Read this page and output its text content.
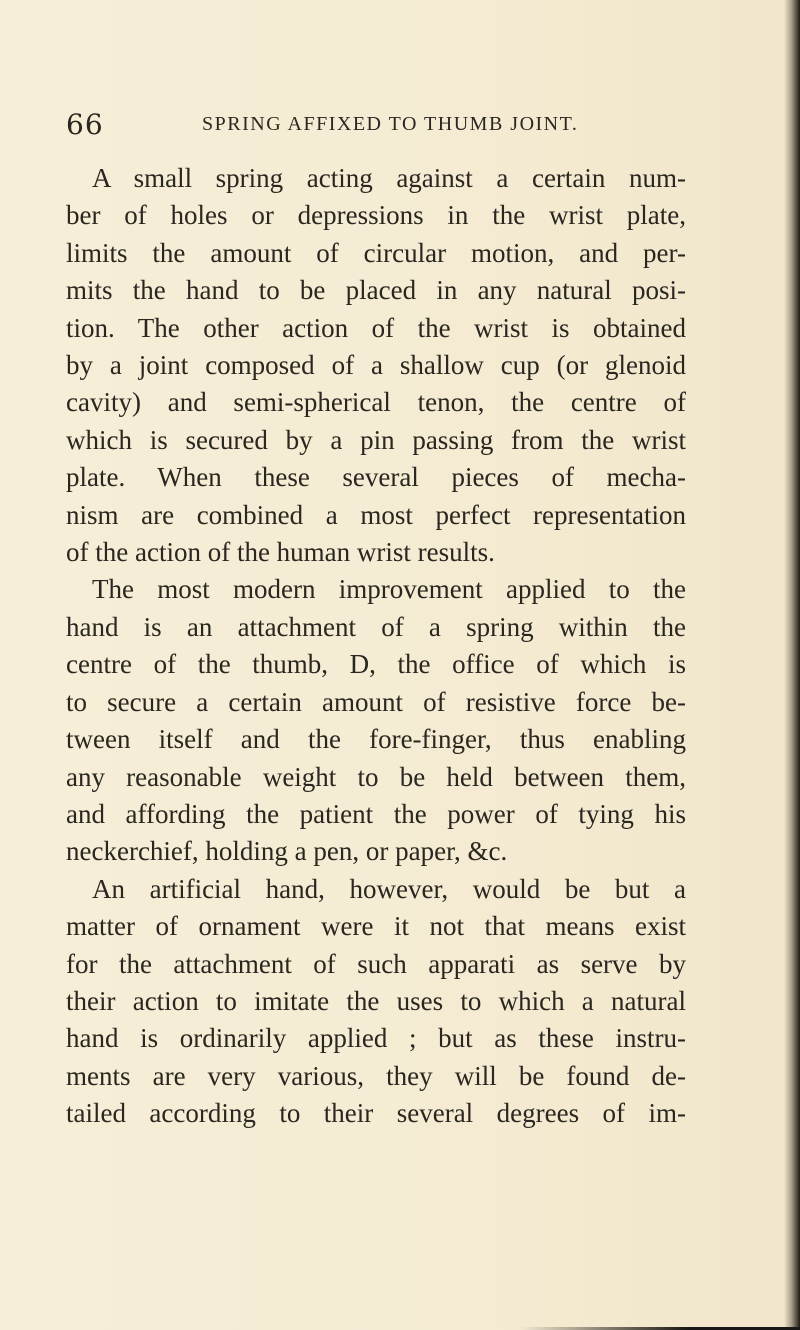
66	SPRING AFFIXED TO THUMB JOINT.

A small spring acting against a certain num-
ber of holes or depressions in the wrist plate,
limits the amount of circular motion, and per-
mits the hand to be placed in any natural posi-
tion. The other action of the wrist is obtained
by a joint composed of a shallow cup (or glenoid
cavity) and semi-spherical tenon, the centre of
which is secured by a pin passing from the wrist
plate. When these several pieces of mecha-
nism are combined a most perfect representation
of the action of the human wrist results.

The most modern improvement applied to the
hand is an attachment of a spring within the
centre of the thumb, D, the office of which is
to secure a certain amount of resistive force be-
tween itself and the fore-finger, thus enabling
any reasonable weight to be held between them,
and affording the patient the power of tying his
neckerchief, holding a pen, or paper, &c.

An artificial hand, however, would be but a
matter of ornament were it not that means exist
for the attachment of such apparati as serve by
their action to imitate the uses to which a natural
hand is ordinarily applied ; but as these instru-
ments are very various, they will be found de-
tailed according to their several degrees of im-
